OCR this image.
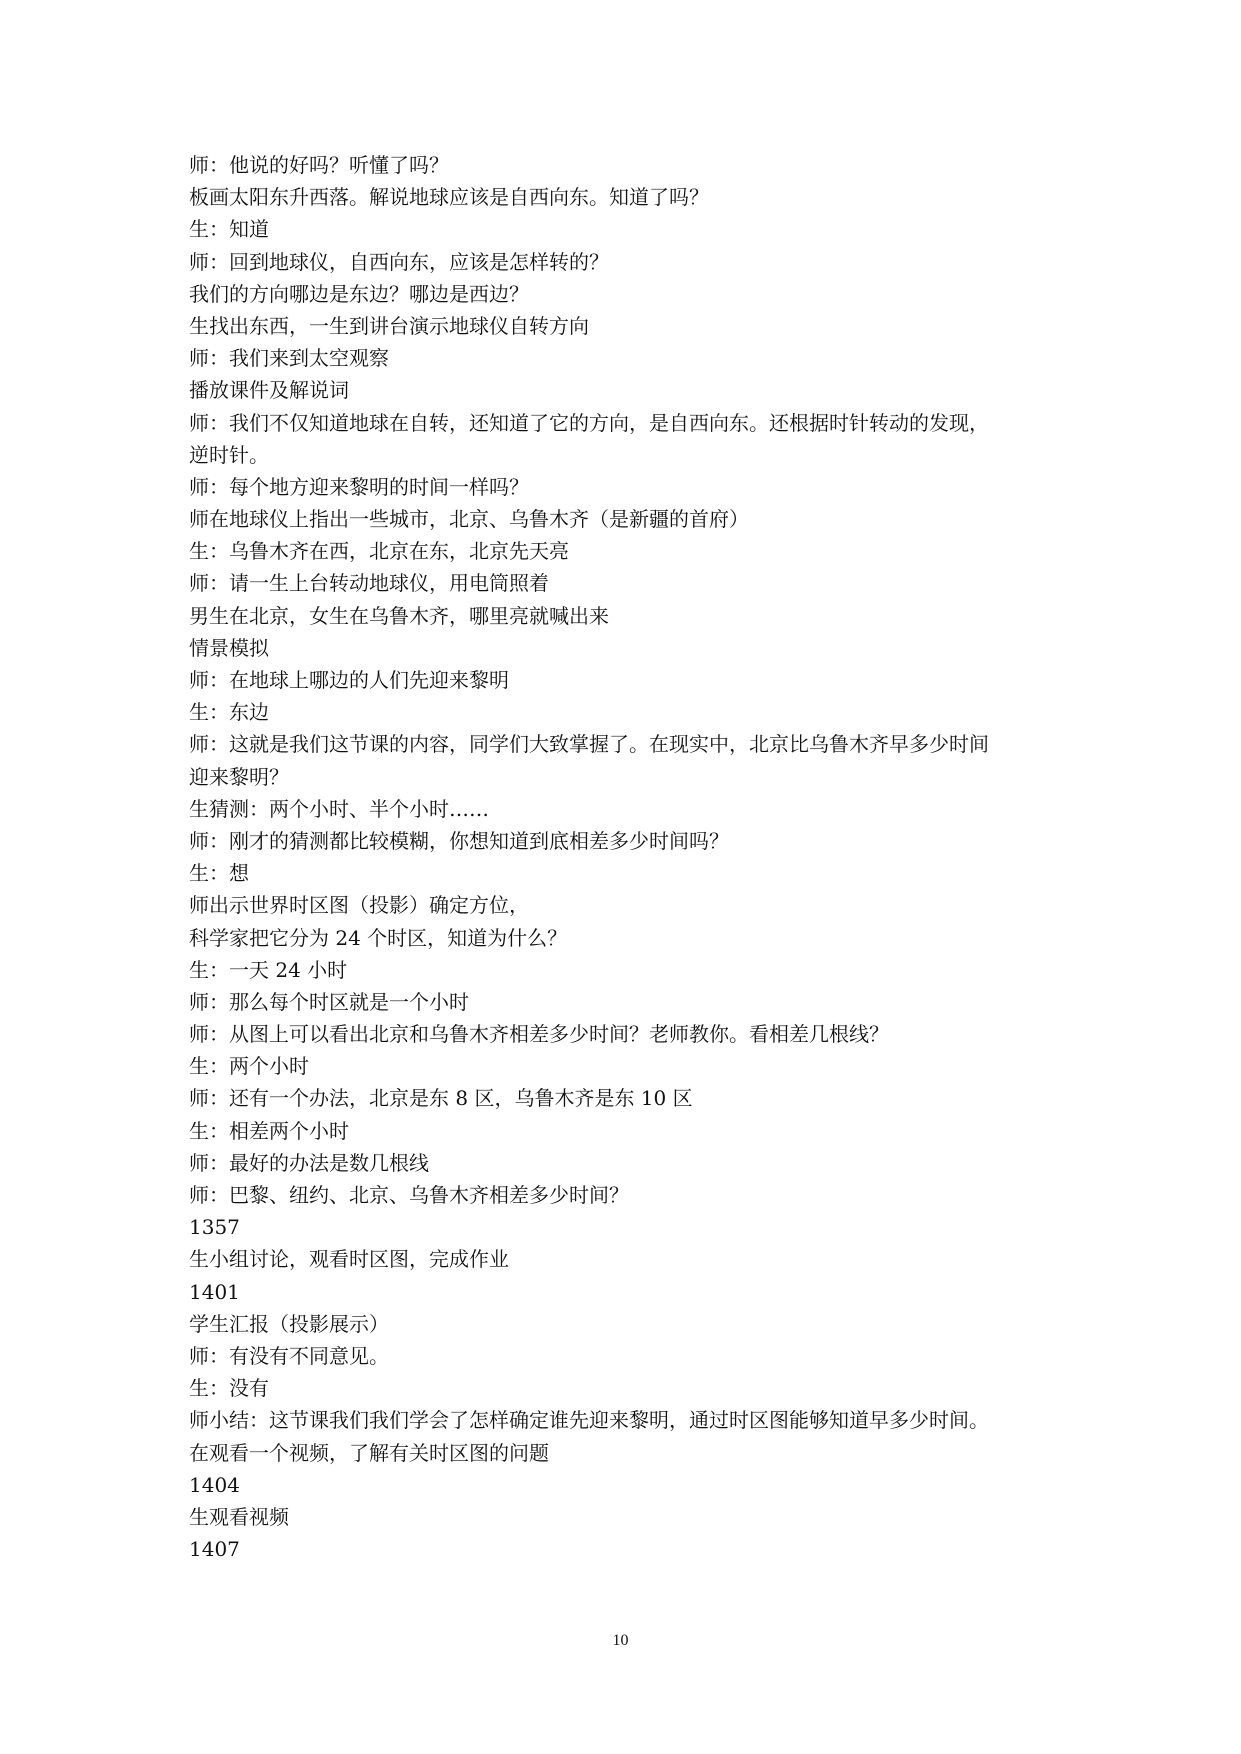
师：他说的好吗？听懂了吗？
板画太阳东升西落。解说地球应该是自西向东。知道了吗？
生：知道
师：回到地球仪，自西向东，应该是怎样转的？
我们的方向哪边是东边？哪边是西边？
生找出东西，一生到讲台演示地球仪自转方向
师：我们来到太空观察
播放课件及解说词
师：我们不仅知道地球在自转，还知道了它的方向，是自西向东。还根据时针转动的发现，
逆时针。
师：每个地方迎来黎明的时间一样吗？
师在地球仪上指出一些城市，北京、乌鲁木齐（是新疆的首府）
生：乌鲁木齐在西，北京在东，北京先天亮
师：请一生上台转动地球仪，用电筒照着
男生在北京，女生在乌鲁木齐，哪里亮就喊出来
情景模拟
师：在地球上哪边的人们先迎来黎明
生：东边
师：这就是我们这节课的内容，同学们大致掌握了。在现实中，北京比乌鲁木齐早多少时间
迎来黎明？
生猜测：两个小时、半个小时……
师：刚才的猜测都比较模糊，你想知道到底相差多少时间吗？
生：想
师出示世界时区图（投影）确定方位，
科学家把它分为 24 个时区，知道为什么？
生：一天 24 小时
师：那么每个时区就是一个小时
师：从图上可以看出北京和乌鲁木齐相差多少时间？老师教你。看相差几根线？
生：两个小时
师：还有一个办法，北京是东 8 区，乌鲁木齐是东 10 区
生：相差两个小时
师：最好的办法是数几根线
师：巴黎、纽约、北京、乌鲁木齐相差多少时间？
1357
生小组讨论，观看时区图，完成作业
1401
学生汇报（投影展示）
师：有没有不同意见。
生：没有
师小结：这节课我们我们学会了怎样确定谁先迎来黎明，通过时区图能够知道早多少时间。
在观看一个视频，了解有关时区图的问题
1404
生观看视频
1407
10
